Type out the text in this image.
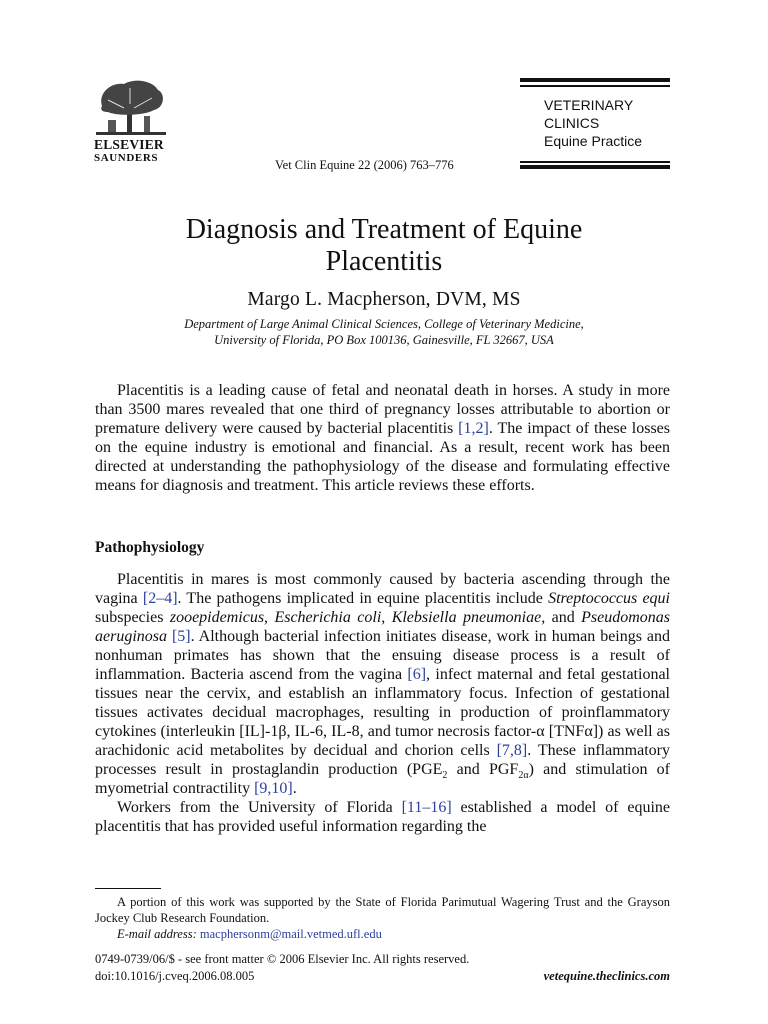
ELSEVIER
SAUNDERS	Vet Clin Equine 22 (2006) 763–776
VETERINARY
CLINICS
Equine Practice
Diagnosis and Treatment of Equine
Placentitis
Margo L. Macpherson, DVM, MS
Department of Large Animal Clinical Sciences, College of Veterinary Medicine,
University of Florida, PO Box 100136, Gainesville, FL 32667, USA

Placentitis is a leading cause of fetal and neonatal death in horses. A study in more than 3500 mares revealed that one third of pregnancy losses attributable to abortion or premature delivery were caused by bacterial placentitis [1,2]. The impact of these losses on the equine industry is emotional and financial. As a result, recent work has been directed at understanding the pathophysiology of the disease and formulating effective means for diagnosis and treatment. This article reviews these efforts.

Pathophysiology

Placentitis in mares is most commonly caused by bacteria ascending through the vagina [2–4]. The pathogens implicated in equine placentitis include Streptococcus equi subspecies zooepidemicus, Escherichia coli, Klebsiella pneumoniae, and Pseudomonas aeruginosa [5]. Although bacterial infection initiates disease, work in human beings and nonhuman primates has shown that the ensuing disease process is a result of inflammation. Bacteria ascend from the vagina [6], infect maternal and fetal gestational tissues near the cervix, and establish an inflammatory focus. Infection of gestational tissues activates decidual macrophages, resulting in production of proinflammatory cytokines (interleukin [IL]-1β, IL-6, IL-8, and tumor necrosis factor-α [TNFα]) as well as arachidonic acid metabolites by decidual and chorion cells [7,8]. These inflammatory processes result in prostaglandin production ($PGE_2$ and $PGF_{2\alpha}$) and stimulation of myometrial contractility [9,10].

Workers from the University of Florida [11–16] established a model of equine placentitis that has provided useful information regarding the

A portion of this work was supported by the State of Florida Parimutual Wagering Trust and the Grayson Jockey Club Research Foundation.

E-mail address: macphersonm@mail.vetmed.ufl.edu

0749-0739/06/$ - see front matter © 2006 Elsevier Inc. All rights reserved.
doi:10.1016/j.cveq.2006.08.005	vetequine.theclinics.com
